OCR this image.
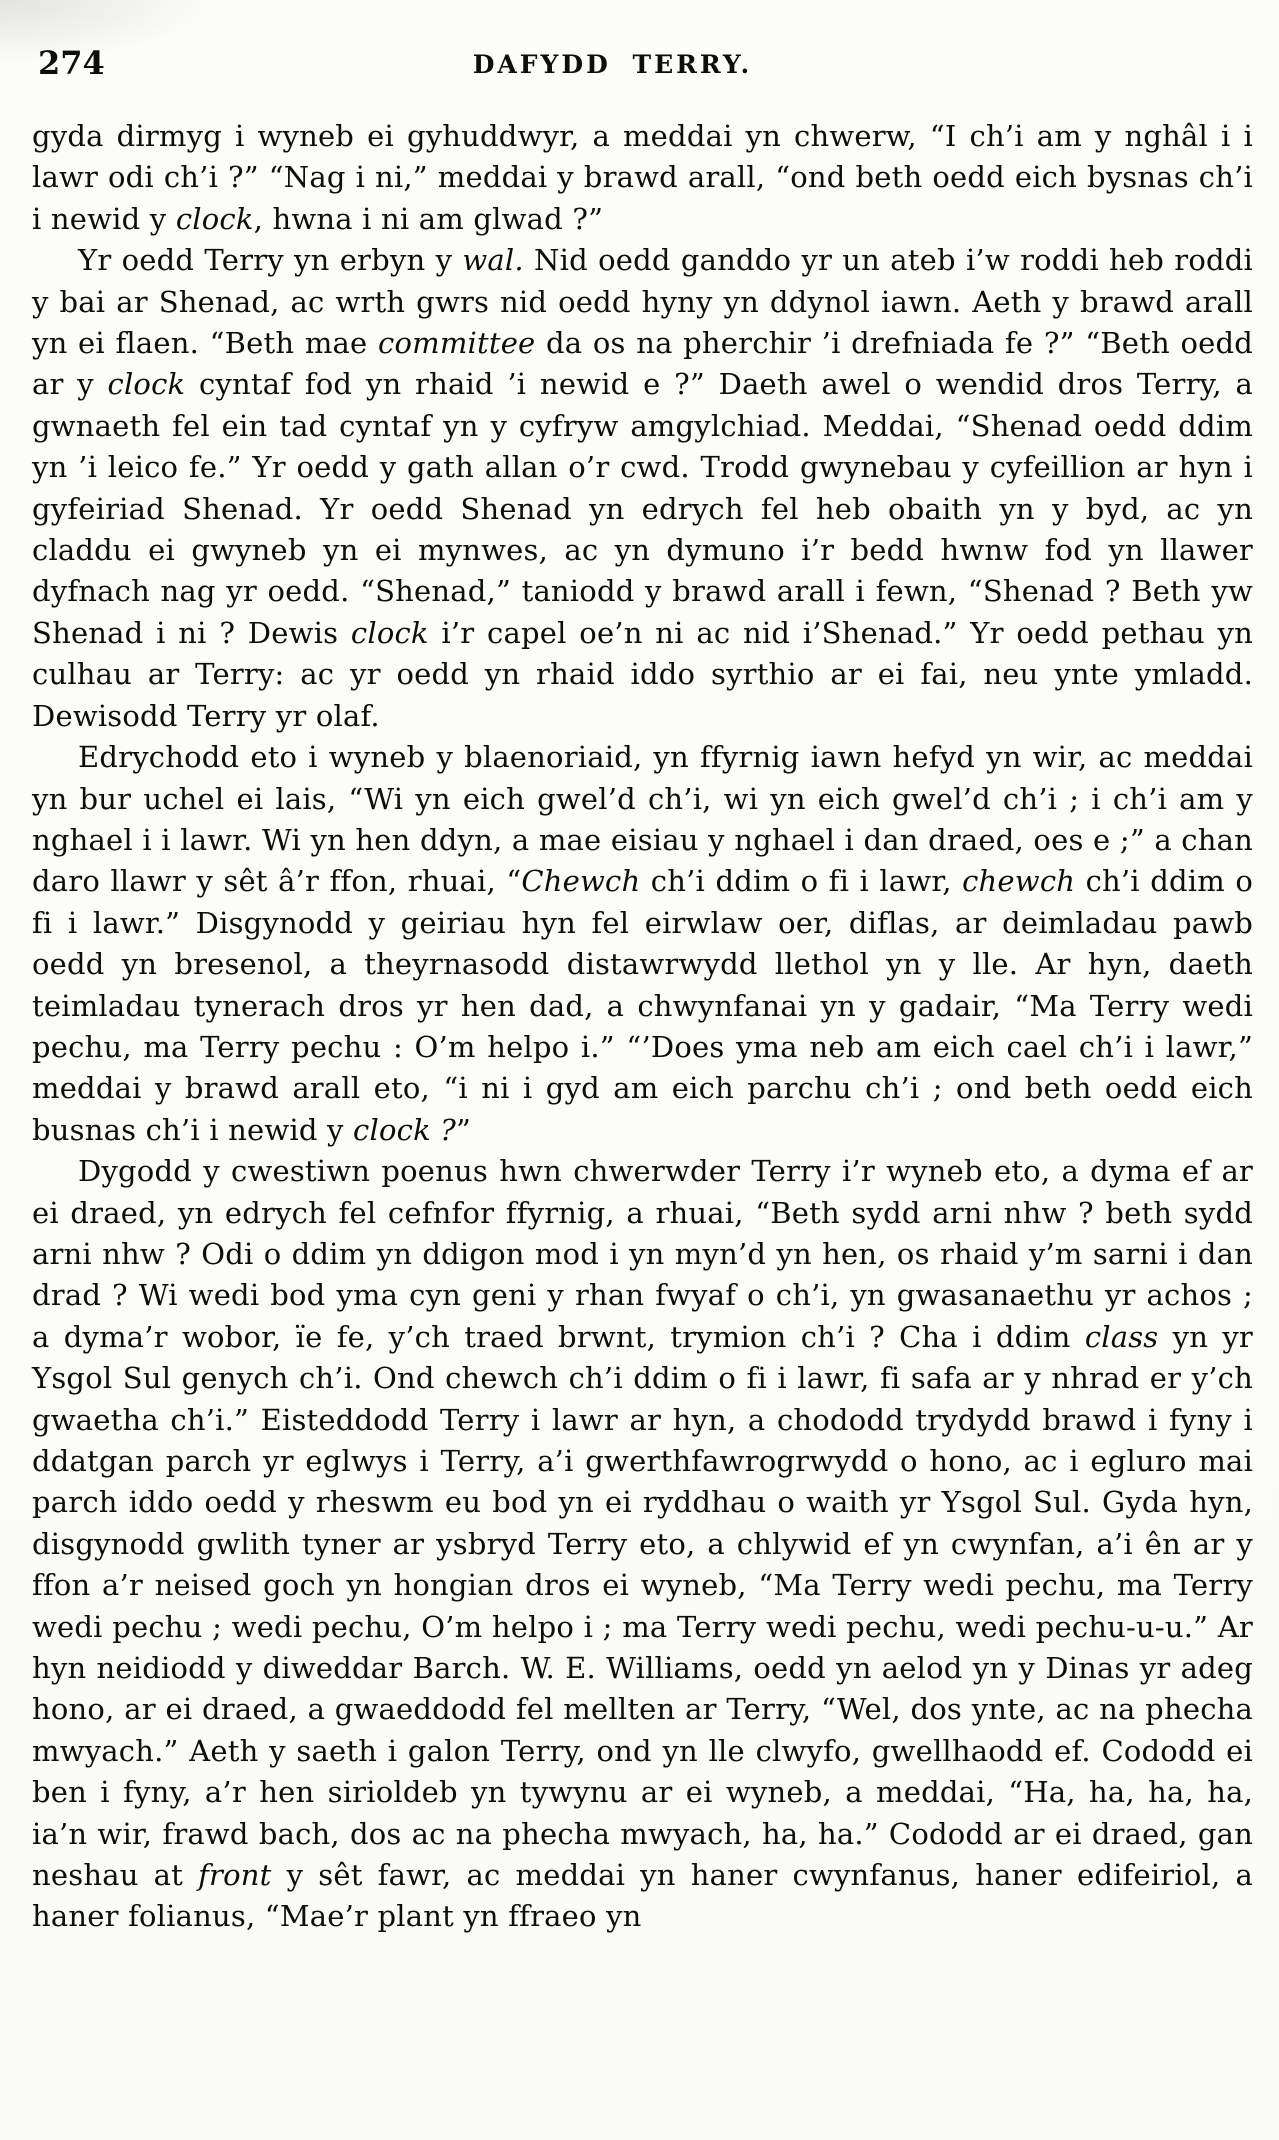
274	DAFYDD TERRY.

gyda dirmyg i wyneb ei gyhuddwyr, a meddai yn chwerw, “I ch’i am y nghâl i i lawr odi ch’i ?” “Nag i ni,” meddai y brawd arall, “ond beth oedd eich bysnas ch’i i newid y clock, hwna i ni am glwad ?”

Yr oedd Terry yn erbyn y wal. Nid oedd ganddo yr un ateb i’w roddi heb roddi y bai ar Shenad, ac wrth gwrs nid oedd hyny yn ddynol iawn. Aeth y brawd arall yn ei flaen. “Beth mae committee da os na pherchir ’i drefniada fe ?” “Beth oedd ar y clock cyntaf fod yn rhaid ’i newid e ?” Daeth awel o wendid dros Terry, a gwnaeth fel ein tad cyntaf yn y cyfryw amgylchiad. Meddai, “Shenad oedd ddim yn ’i leico fe.” Yr oedd y gath allan o’r cwd. Trodd gwynebau y cyfeillion ar hyn i gyfeiriad Shenad. Yr oedd Shenad yn edrych fel heb obaith yn y byd, ac yn claddu ei gwyneb yn ei mynwes, ac yn dymuno i’r bedd hwnw fod yn llawer dyfnach nag yr oedd. “Shenad,” taniodd y brawd arall i fewn, “Shenad ? Beth yw Shenad i ni ? Dewis clock i’r capel oe’n ni ac nid i’Shenad.” Yr oedd pethau yn culhau ar Terry: ac yr oedd yn rhaid iddo syrthio ar ei fai, neu ynte ymladd. Dewisodd Terry yr olaf.

Edrychodd eto i wyneb y blaenoriaid, yn ffyrnig iawn hefyd yn wir, ac meddai yn bur uchel ei lais, “Wi yn eich gwel’d ch’i, wi yn eich gwel’d ch’i ; i ch’i am y nghael i i lawr. Wi yn hen ddyn, a mae eisiau y nghael i dan draed, oes e ;” a chan daro llawr y sêt â’r ffon, rhuai, “Chewch ch’i ddim o fi i lawr, chewch ch’i ddim o fi i lawr.” Disgynodd y geiriau hyn fel eirwlaw oer, diflas, ar deimladau pawb oedd yn bresenol, a theyrnasodd distawrwydd llethol yn y lle. Ar hyn, daeth teimladau tynerach dros yr hen dad, a chwynfanai yn y gadair, “Ma Terry wedi pechu, ma Terry pechu : O’m helpo i.” “’Does yma neb am eich cael ch’i i lawr,” meddai y brawd arall eto, “i ni i gyd am eich parchu ch’i ; ond beth oedd eich busnas ch’i i newid y clock ?”

Dygodd y cwestiwn poenus hwn chwerwder Terry i’r wyneb eto, a dyma ef ar ei draed, yn edrych fel cefnfor ffyrnig, a rhuai, “Beth sydd arni nhw ? beth sydd arni nhw ? Odi o ddim yn ddigon mod i yn myn’d yn hen, os rhaid y’m sarni i dan drad ? Wi wedi bod yma cyn geni y rhan fwyaf o ch’i, yn gwasanaethu yr achos ; a dyma’r wobor, ïe fe, y’ch traed brwnt, trymion ch’i ? Cha i ddim class yn yr Ysgol Sul genych ch’i. Ond chewch ch’i ddim o fi i lawr, fi safa ar y nhrad er y’ch gwaetha ch’i.” Eisteddodd Terry i lawr ar hyn, a chododd trydydd brawd i fyny i ddatgan parch yr eglwys i Terry, a’i gwerthfawrogrwydd o hono, ac i egluro mai parch iddo oedd y rheswm eu bod yn ei ryddhau o waith yr Ysgol Sul. Gyda hyn, disgynodd gwlith tyner ar ysbryd Terry eto, a chlywid ef yn cwynfan, a’i ên ar y ffon a’r neised goch yn hongian dros ei wyneb, “Ma Terry wedi pechu, ma Terry wedi pechu ; wedi pechu, O’m helpo i ; ma Terry wedi pechu, wedi pechu-u-u.” Ar hyn neidiodd y diweddar Barch. W. E. Williams, oedd yn aelod yn y Dinas yr adeg hono, ar ei draed, a gwaeddodd fel mellten ar Terry, “Wel, dos ynte, ac na phecha mwyach.” Aeth y saeth i galon Terry, ond yn lle clwyfo, gwellhaodd ef. Cododd ei ben i fyny, a’r hen sirioldeb yn tywynu ar ei wyneb, a meddai, “Ha, ha, ha, ha, ia’n wir, frawd bach, dos ac na phecha mwyach, ha, ha.” Cododd ar ei draed, gan neshau at front y sêt fawr, ac meddai yn haner cwynfanus, haner edifeiriol, a haner folianus, “Mae’r plant yn ffraeo yn
